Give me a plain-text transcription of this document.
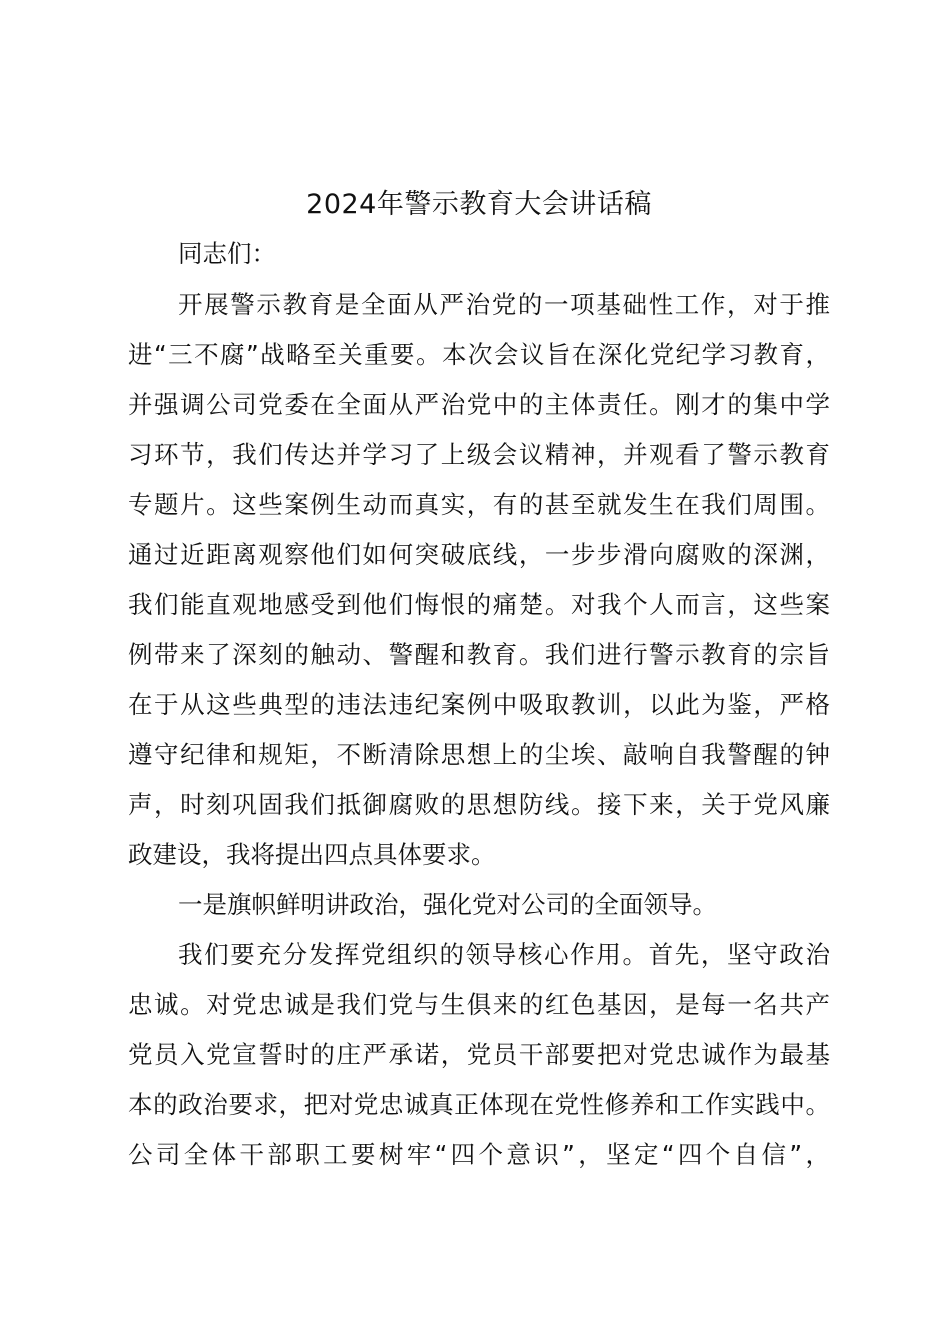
2024年警示教育大会讲话稿
同志们：
开展警示教育是全面从严治党的一项基础性工作，对于推
进“三不腐”战略至关重要。本次会议旨在深化党纪学习教育，
并强调公司党委在全面从严治党中的主体责任。刚才的集中学
习环节，我们传达并学习了上级会议精神，并观看了警示教育
专题片。这些案例生动而真实，有的甚至就发生在我们周围。
通过近距离观察他们如何突破底线，一步步滑向腐败的深渊，
我们能直观地感受到他们悔恨的痛楚。对我个人而言，这些案
例带来了深刻的触动、警醒和教育。我们进行警示教育的宗旨
在于从这些典型的违法违纪案例中吸取教训，以此为鉴，严格
遵守纪律和规矩，不断清除思想上的尘埃、敲响自我警醒的钟
声，时刻巩固我们抵御腐败的思想防线。接下来，关于党风廉
政建设，我将提出四点具体要求。
一是旗帜鲜明讲政治，强化党对公司的全面领导。
我们要充分发挥党组织的领导核心作用。首先，坚守政治
忠诚。对党忠诚是我们党与生俱来的红色基因，是每一名共产
党员入党宣誓时的庄严承诺，党员干部要把对党忠诚作为最基
本的政治要求，把对党忠诚真正体现在党性修养和工作实践中。
公司全体干部职工要树牢“四个意识”，坚定“四个自信”，
